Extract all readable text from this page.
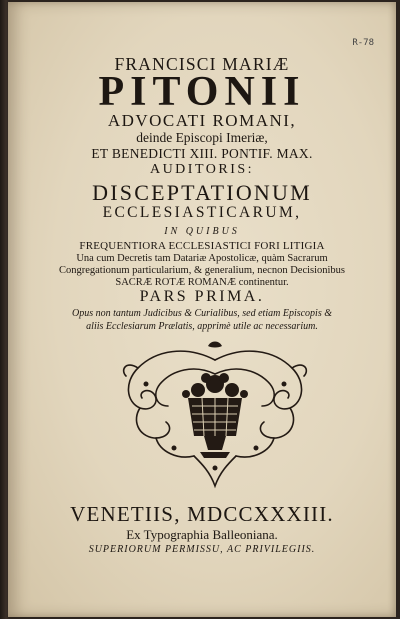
R-78
FRANCISCI MARIÆ
PITONII
ADVOCATI ROMANI,
deinde Episcopi Imeriæ,
ET BENEDICTI XIII. PONTIF. MAX.
AUDITORIS:
DISCEPTATIONUM
ECCLESIASTICARUM,
IN QUIBUS
FREQUENTIORA ECCLESIASTICI FORI LITIGIA
Una cum Decretis tam Datariæ Apostolicæ, quàm Sacrarum
Congregationum particularium, & generalium, necnon Decisionibus
SACRÆ ROTÆ ROMANÆ continentur.
PARS PRIMA.
Opus non tantum Judicibus & Curialibus, sed etiam Episcopis &
aliis Ecclesiarum Prælatis, apprimè utile ac necessarium.
VENETIIS, MDCCXXXIII.
Ex Typographia Balleoniana.
SUPERIORUM PERMISSU, AC PRIVILEGIIS.
